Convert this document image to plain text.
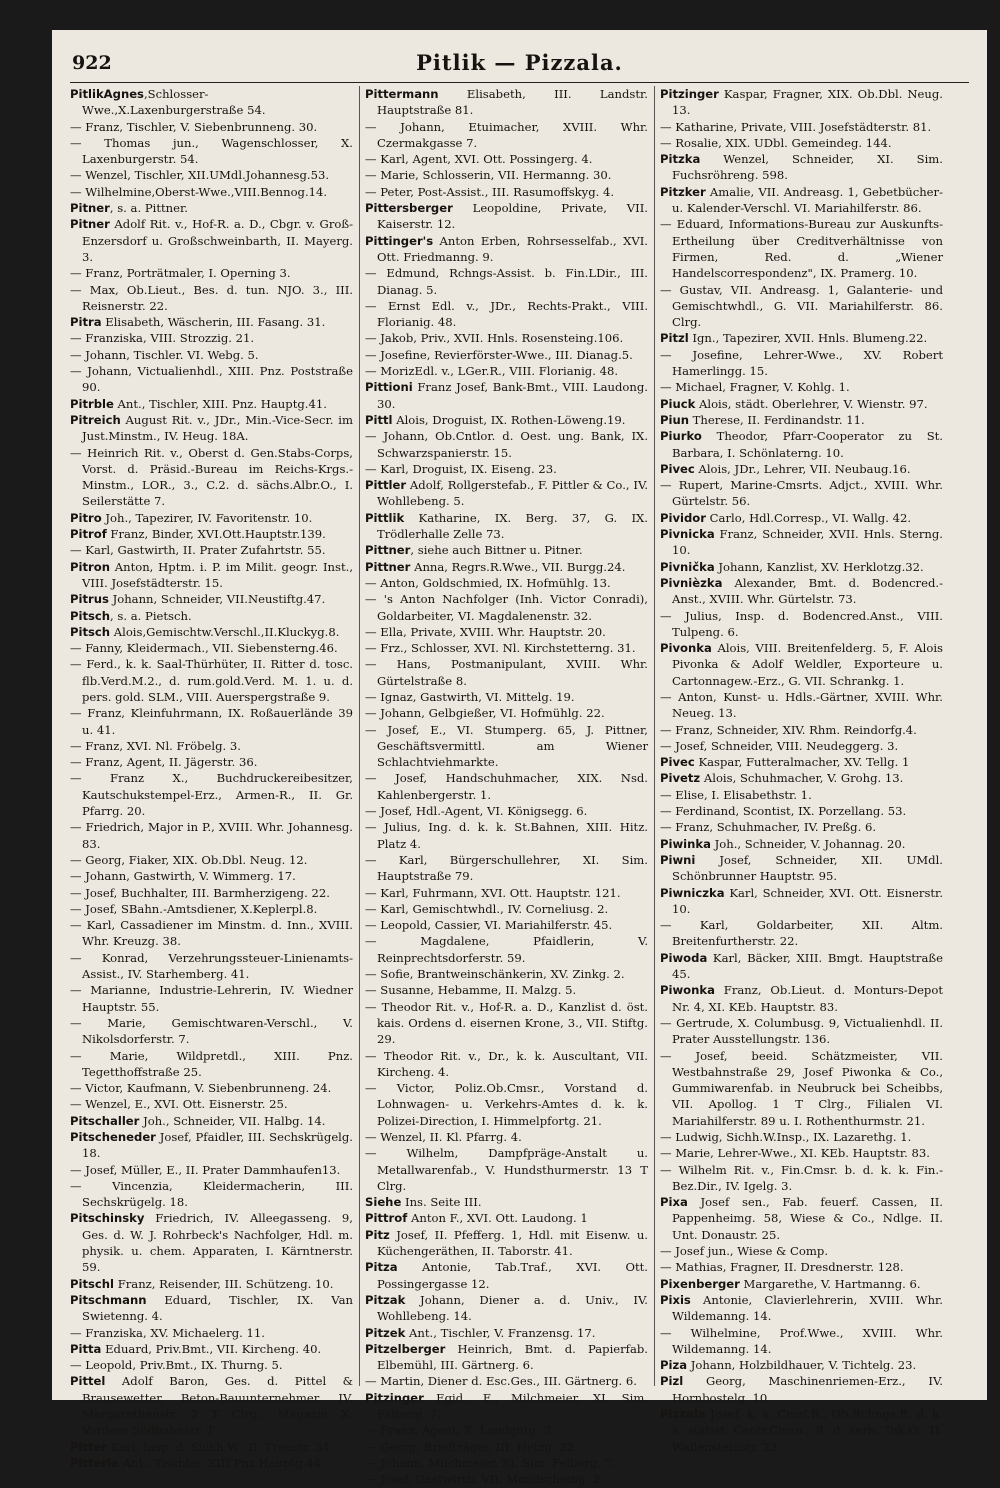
922	Pitlik — Pizzala.

PitlikAgnes,Schlosser-Wwe.,X.Laxenburgerstraße 54.

— Franz, Tischler, V. Siebenbrunneng. 30.

— Thomas jun., Wagenschlosser, X. Laxenburgerstr. 54.

— Wenzel, Tischler, XII.UMdl.Johannesg.53.

— Wilhelmine,Oberst-Wwe.,VIII.Bennog.14.

Pitner, s. a. Pittner.

Pitner Adolf Rit. v., Hof-R. a. D., Cbgr. v. Groß-Enzersdorf u. Großschweinbarth, II. Mayerg. 3.

— Franz, Porträtmaler, I. Operning 3.

— Max, Ob.Lieut., Bes. d. tun. NJO. 3., III. Reisnerstr. 22.

Pitra Elisabeth, Wäscherin, III. Fasang. 31.

— Franziska, VIII. Strozzig. 21.

— Johann, Tischler. VI. Webg. 5.

— Johann, Victualienhdl., XIII. Pnz. Poststraße 90.

Pitrble Ant., Tischler, XIII. Pnz. Hauptg.41.

Pitreich August Rit. v., JDr., Min.-Vice-Secr. im Just.Minstm., IV. Heug. 18A.

— Heinrich Rit. v., Oberst d. Gen.Stabs-Corps, Vorst. d. Präsid.-Bureau im Reichs-Krgs.-Minstm., LOR., 3., C.2. d. sächs.Albr.O., I. Seilerstätte 7.

Pitro Joh., Tapezirer, IV. Favoritenstr. 10.

Pitrof Franz, Binder, XVI.Ott.Hauptstr.139.

— Karl, Gastwirth, II. Prater Zufahrtstr. 55.

Pitron Anton, Hptm. i. P. im Milit. geogr. Inst., VIII. Josefstädterstr. 15.

Pitrus Johann, Schneider, VII.Neustiftg.47.

Pitsch, s. a. Pietsch.

Pitsch Alois,Gemischtw.Verschl.,II.Kluckyg.8.

— Fanny, Kleidermach., VII. Siebensterng.46.

— Ferd., k. k. Saal-Thürhüter, II. Ritter d. tosc. flb.Verd.M.2., d. rum.gold.Verd. M. 1. u. d. pers. gold. SLM., VIII. Auerspergstraße 9.

— Franz, Kleinfuhrmann, IX. Roßauerlände 39 u. 41.

— Franz, XVI. Nl. Fröbelg. 3.

— Franz, Agent, II. Jägerstr. 36.

— Franz X., Buchdruckereibesitzer, Kautschukstempel-Erz., Armen-R., II. Gr. Pfarrg. 20.

— Friedrich, Major in P., XVIII. Whr. Johannesg. 83.

— Georg, Fiaker, XIX. Ob.Dbl. Neug. 12.

— Johann, Gastwirth, V. Wimmerg. 17.

— Josef, Buchhalter, III. Barmherzigeng. 22.

— Josef, SBahn.-Amtsdiener, X.Keplerpl.8.

— Karl, Cassadiener im Minstm. d. Inn., XVIII. Whr. Kreuzg. 38.

— Konrad, Verzehrungssteuer-Linienamts-Assist., IV. Starhemberg. 41.

— Marianne, Industrie-Lehrerin, IV. Wiedner Hauptstr. 55.

— Marie, Gemischtwaren-Verschl., V. Nikolsdorferstr. 7.

— Marie, Wildpretdl., XIII. Pnz. Tegetthoffstraße 25.

— Victor, Kaufmann, V. Siebenbrunneng. 24.

— Wenzel, E., XVI. Ott. Eisnerstr. 25.

Pitschaller Joh., Schneider, VII. Halbg. 14.

Pitscheneder Josef, Pfaidler, III. Sechskrügelg. 18.

— Josef, Müller, E., II. Prater Dammhaufen13.

— Vincenzia, Kleidermacherin, III. Sechskrügelg. 18.

Pitschinsky Friedrich, IV. Alleegasseng. 9, Ges. d. W. J. Rohrbeck's Nachfolger, Hdl. m. physik. u. chem. Apparaten, I. Kärntnerstr. 59.

Pitschl Franz, Reisender, III. Schützeng. 10.

Pitschmann Eduard, Tischler, IX. Van Swietenng. 4.

— Franziska, XV. Michaelerg. 11.

Pitta Eduard, Priv.Bmt., VII. Kircheng. 40.

— Leopold, Priv.Bmt., IX. Thurng. 5.

Pittel Adolf Baron, Ges. d. Pittel & Brausewetter, Beton-Bauunternehmer, IV. Margarethenstr. 2 T Clrg., Magazin X. Vordere Südbahnstr. T

Pitter Karl, Insp. d. Sichh.W., II. Treustr. 34.

Pitterle Ant., Tischler, XIII.Pnz.Hauptg.44.

Pittermann Elisabeth, III. Landstr. Hauptstraße 81.

— Johann, Etuimacher, XVIII. Whr. Czermakgasse 7.

— Karl, Agent, XVI. Ott. Possingerg. 4.

— Marie, Schlosserin, VII. Hermanng. 30.

— Peter, Post-Assist., III. Rasumoffskyg. 4.

Pittersberger Leopoldine, Private, VII. Kaiserstr. 12.

Pittinger's Anton Erben, Rohrsesselfab., XVI. Ott. Friedmanng. 9.

— Edmund, Rchngs-Assist. b. Fin.LDir., III. Dianag. 5.

— Ernst Edl. v., JDr., Rechts-Prakt., VIII. Florianig. 48.

— Jakob, Priv., XVII. Hnls. Rosensteing.106.

— Josefine, Revierförster-Wwe., III. Dianag.5.

— MorizEdl. v., LGer.R., VIII. Florianig. 48.

Pittioni Franz Josef, Bank-Bmt., VIII. Laudong. 30.

Pittl Alois, Droguist, IX. Rothen-Löweng.19.

— Johann, Ob.Cntlor. d. Oest. ung. Bank, IX. Schwarzspanierstr. 15.

— Karl, Droguist, IX. Eiseng. 23.

Pittler Adolf, Rollgerstefab., F. Pittler & Co., IV. Wohllebeng. 5.

Pittlik Katharine, IX. Berg. 37, G. IX. Trödlerhalle Zelle 73.

Pittner, siehe auch Bittner u. Pitner.

Pittner Anna, Regrs.R.Wwe., VII. Burgg.24.

— Anton, Goldschmied, IX. Hofmühlg. 13.

— 's Anton Nachfolger (Inh. Victor Conradi), Goldarbeiter, VI. Magdalenenstr. 32.

— Ella, Private, XVIII. Whr. Hauptstr. 20.

— Frz., Schlosser, XVI. Nl. Kirchstetterng. 31.

— Hans, Postmanipulant, XVIII. Whr. Gürtelstraße 8.

— Ignaz, Gastwirth, VI. Mittelg. 19.

— Johann, Gelbgießer, VI. Hofmühlg. 22.

— Josef, E., VI. Stumperg. 65, J. Pittner, Geschäftsvermittl. am Wiener Schlachtviehmarkte.

— Josef, Handschuhmacher, XIX. Nsd. Kahlenbergerstr. 1.

— Josef, Hdl.-Agent, VI. Königsegg. 6.

— Julius, Ing. d. k. k. St.Bahnen, XIII. Hitz. Platz 4.

— Karl, Bürgerschullehrer, XI. Sim. Hauptstraße 79.

— Karl, Fuhrmann, XVI. Ott. Hauptstr. 121.

— Karl, Gemischtwhdl., IV. Corneliusg. 2.

— Leopold, Cassier, VI. Mariahilferstr. 45.

— Magdalene, Pfaidlerin, V. Reinprechtsdorferstr. 59.

— Sofie, Brantweinschänkerin, XV. Zinkg. 2.

— Susanne, Hebamme, II. Malzg. 5.

— Theodor Rit. v., Hof-R. a. D., Kanzlist d. öst. kais. Ordens d. eisernen Krone, 3., VII. Stiftg. 29.

— Theodor Rit. v., Dr., k. k. Auscultant, VII. Kircheng. 4.

— Victor, Poliz.Ob.Cmsr., Vorstand d. Lohnwagen- u. Verkehrs-Amtes d. k. k. Polizei-Direction, I. Himmelpfortg. 21.

— Wenzel, II. Kl. Pfarrg. 4.

— Wilhelm, Dampfpräge-Anstalt u. Metallwarenfab., V. Hundsthurmerstr. 13 T Clrg.

Siehe Ins. Seite III.

Pittrof Anton F., XVI. Ott. Laudong. 1

Pitz Josef, II. Pfefferg. 1, Hdl. mit Eisenw. u. Küchengeräthen, II. Taborstr. 41.

Pitza Antonie, Tab.Traf., XVI. Ott. Possingergasse 12.

Pitzak Johann, Diener a. d. Univ., IV. Wohllebeng. 14.

Pitzek Ant., Tischler, V. Franzensg. 17.

Pitzelberger Heinrich, Bmt. d. Papierfab. Elbemühl, III. Gärtnerg. 6.

— Martin, Diener d. Esc.Ges., III. Gärtnerg. 6.

Pitzinger Egid., E., Milchmeier, XI. Sim. Felberg. 7.

— Franz, Agent, X. Landgutg. 3.

— Georg, Briefträger, III. Hetzg. 22.

— Johann, Milchmeier, XI. Sim. Felberg. 7.

— Josef, Gastwirth, VII. Mondscheing. 2.

Pitzinger Kaspar, Fragner, XIX. Ob.Dbl. Neug. 13.

— Katharine, Private, VIII. Josefstädterstr. 81.

— Rosalie, XIX. UDbl. Gemeindeg. 144.

Pitzka Wenzel, Schneider, XI. Sim. Fuchsröhreng. 598.

Pitzker Amalie, VII. Andreasg. 1, Gebetbücher- u. Kalender-Verschl. VI. Mariahilferstr. 86.

— Eduard, Informations-Bureau zur Auskunfts-Ertheilung über Creditverhältnisse von Firmen, Red. d. „Wiener Handelscorrespondenz", IX. Pramerg. 10.

— Gustav, VII. Andreasg. 1, Galanterie- und Gemischtwhdl., G. VII. Mariahilferstr. 86. Clrg.

Pitzl Ign., Tapezirer, XVII. Hnls. Blumeng.22.

— Josefine, Lehrer-Wwe., XV. Robert Hamerlingg. 15.

— Michael, Fragner, V. Kohlg. 1.

Piuck Alois, städt. Oberlehrer, V. Wienstr. 97.

Piun Therese, II. Ferdinandstr. 11.

Piurko Theodor, Pfarr-Cooperator zu St. Barbara, I. Schönlaterng. 10.

Pivec Alois, JDr., Lehrer, VII. Neubaug.16.

— Rupert, Marine-Cmsrts. Adjct., XVIII. Whr. Gürtelstr. 56.

Pividor Carlo, Hdl.Corresp., VI. Wallg. 42.

Pivnicka Franz, Schneider, XVII. Hnls. Sterng. 10.

Pivnička Johann, Kanzlist, XV. Herklotzg.32.

Pivnièzka Alexander, Bmt. d. Bodencred.-Anst., XVIII. Whr. Gürtelstr. 73.

— Julius, Insp. d. Bodencred.Anst., VIII. Tulpeng. 6.

Pivonka Alois, VIII. Breitenfelderg. 5, F. Alois Pivonka & Adolf Weldler, Exporteure u. Cartonnagew.-Erz., G. VII. Schrankg. 1.

— Anton, Kunst- u. Hdls.-Gärtner, XVIII. Whr. Neueg. 13.

— Franz, Schneider, XIV. Rhm. Reindorfg.4.

— Josef, Schneider, VIII. Neudeggerg. 3.

Pivec Kaspar, Futteralmacher, XV. Tellg. 1

Pivetz Alois, Schuhmacher, V. Grohg. 13.

— Elise, I. Elisabethstr. 1.

— Ferdinand, Scontist, IX. Porzellang. 53.

— Franz, Schuhmacher, IV. Preßg. 6.

Piwinka Joh., Schneider, V. Johannag. 20.

Piwni Josef, Schneider, XII. UMdl. Schönbrunner Hauptstr. 95.

Piwniczka Karl, Schneider, XVI. Ott. Eisnerstr. 10.

— Karl, Goldarbeiter, XII. Altm. Breitenfurtherstr. 22.

Piwoda Karl, Bäcker, XIII. Bmgt. Hauptstraße 45.

Piwonka Franz, Ob.Lieut. d. Monturs-Depot Nr. 4, XI. KEb. Hauptstr. 83.

— Gertrude, X. Columbusg. 9, Victualienhdl. II. Prater Ausstellungstr. 136.

— Josef, beeid. Schätzmeister, VII. Westbahnstraße 29, Josef Piwonka & Co., Gummiwarenfab. in Neubruck bei Scheibbs, VII. Apollog. 1 T Clrg., Filialen VI. Mariahilferstr. 89 u. I. Rothenthurmstr. 21.

— Ludwig, Sichh.W.Insp., IX. Lazarethg. 1.

— Marie, Lehrer-Wwe., XI. KEb. Hauptstr. 83.

— Wilhelm Rit. v., Fin.Cmsr. b. d. k. k. Fin.-Bez.Dir., IV. Igelg. 3.

Pixa Josef sen., Fab. feuerf. Cassen, II. Pappenheimg. 58, Wiese & Co., Ndlge. II. Unt. Donaustr. 25.

— Josef jun., Wiese & Comp.

— Mathias, Fragner, II. Dresdnerstr. 128.

Pixenberger Margarethe, V. Hartmanng. 6.

Pixis Antonie, Clavierlehrerin, XVIII. Whr. Wildemanng. 14.

— Wilhelmine, Prof.Wwe., XVIII. Whr. Wildemanng. 14.

Piza Johann, Holzbildhauer, V. Tichtelg. 23.

Pizl Georg, Maschinenriemen-Erz., IV. Hornbostelg. 10.

Pizzala Josef, k. k. Cmzl.R., Ob.Rchngs.R. d. k. k. statist. Centr.Cmsn., R. d. serb. Tak.O., II. Wallensteinstr. 23.
